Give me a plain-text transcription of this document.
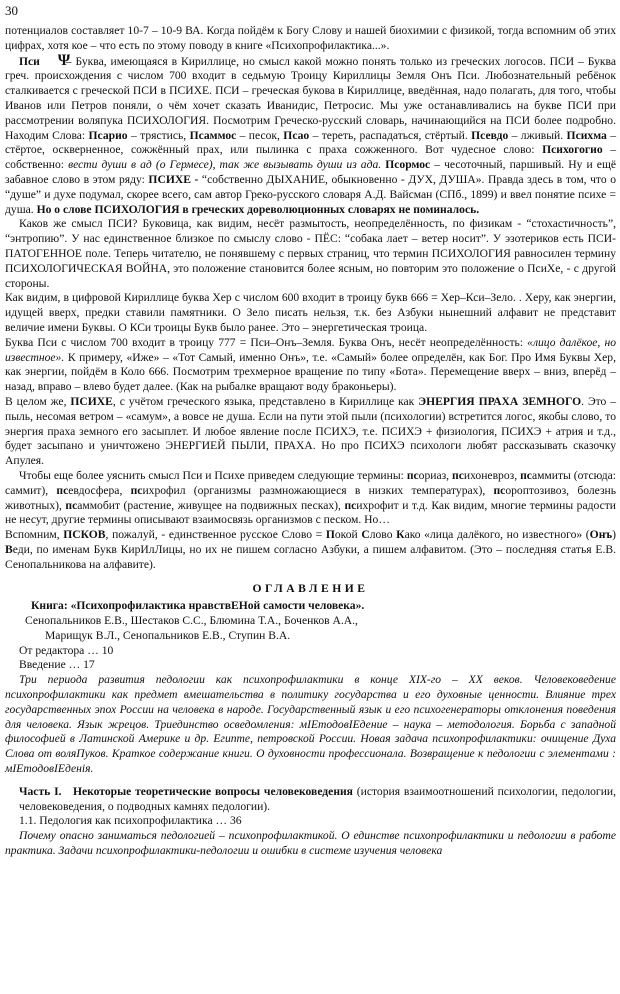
30

потенциалов составляет 10-7 – 10-9 ВА. Когда пойдём к Богу Слову и нашей биохимии с физикой, тогда вспомним об этих цифрах, хотя кое – что есть по этому поводу в книге «Психопрофилактика...».

Пси Ψ– Буква, имеющаяся в Кириллице, но смысл какой можно понять только из греческих логосов. ПСИ – Буква греч. происхождения с числом 700 входит в седьмую Троицу Кириллицы Земля Онъ Пси. Любознательный ребёнок сталкивается с греческой ПСИ в ПСИХЕ. ПСИ – греческая букова в Кириллице, введённая, надо полагать, для того, чтобы Иванов или Петров поняли, о чём хочет сказать Иванидис, Петросис. Мы уже останавливались на букве ПСИ при рассмотрении воляпука ПСИХОЛОГИЯ. Посмотрим Греческо-русский словарь, начинающийся на ПСИ более подробно. Находим Слова: Псарио – трястись, Псаммос – песок, Псао – тереть, распадаться, стёртый. Псевдо – лживый. Психма – стёртое, оскверненное, сожжённый прах, или пылинка с праха сожженного. Вот чудесное слово: Психогогио – собственно: вести души в ад (о Гермесе), так же вызывать души из ада. Псормос – чесоточный, паршивый. Ну и ещё забавное слово в этом ряду: ПСИХЕ - “собственно ДЫХАНИЕ, обыкновенно - ДУХ, ДУША». Правда здесь в том, что о “душе” и духе подумал, скорее всего, сам автор Греко-русского словаря А.Д. Вайсман (СПб., 1899) и ввел понятие психе = душа. Но о слове ПСИХОЛОГИЯ в греческих дореволюционных словарях не поминалось.

Каков же смысл ПСИ? Буковица, как видим, несёт размытость, неопределённость, по физикам - “стохастичность”, “энтропию”. У нас единственное близкое по смыслу слово - ПЁС: “собака лает – ветер носит”. У эзотериков есть ПСИ-ПАТОГЕННОЕ поле. Теперь читателю, не понявшему с первых страниц, что термин ПСИХОЛОГИЯ равносилен термину ПСИХОЛОГИЧЕСКАЯ ВОЙНА, это положение становится более ясным, но повторим это положение о ПсиХе, - с другой стороны.

Как видим, в цифровой Кириллице буква Хер с числом 600 входит в троицу букв 666 = Хер–Кси–Зело. . Херу, как энергии, идущей вверх, предки ставили памятники. О Зело писать нельзя, т.к. без Азбуки нынешний алфавит не представит величие имени Буквы. О КСи троицы Букв было ранее. Это – энергетическая троица.

Буква Пси с числом 700 входит в троицу 777 = Пси–Онъ–Земля. Буква Онъ, несёт неопределённость: «лицо далёкое, но известное». К примеру, «Иже» – «Тот Самый, именно Онъ», т.е. «Самый» более определён, как Бог. Про Имя Буквы Хер, как энергии, пойдём в Коло 666. Посмотрим трехмерное вращение по типу «Бота». Перемещение вверх – вниз, вперёд – назад, вправо – влево будет далее. (Как на рыбалке вращают воду браконьеры).

В целом же, ПСИХЕ, с учётом греческого языка, представлено в Кириллице как ЭНЕРГИЯ ПРАХА ЗЕМНОГО. Это – пыль, несомая ветром – «самум», а вовсе не душа. Если на пути этой пыли (психологии) встретится логос, якобы слово, то энергия праха земного его засыплет. И любое явление после ПСИХЭ, т.е. ПСИХЭ + физиология, ПСИХЭ + атрия и т.д., будет засыпано и уничтожено ЭНЕРГИЕЙ ПЫЛИ, ПРАХА. Но про ПСИХЭ психологи любят рассказывать сказочку Апулея.

Чтобы еще более уяснить смысл Пси и Психе приведем следующие термины: псориаз, психоневроз, псаммиты (отсюда: саммит), псевдосфера, психрофил (организмы размножающиеся в низких температурах), псороптозивоз, болезнь животных), псаммобит (растение, живущее на подвижных песках), психрофит и т.д. Как видим, многие термины радости не несут, другие термины описывают взаимосвязь организмов с песком. Но…

Вспомним, ПСКОВ, пожалуй, - единственное русское Слово = Покой Слово Како «лица далёкого, но известного» (Онъ) Веди, по именам Букв КирИлЛицы, но их не пишем согласно Азбуки, а пишем алфавитом. (Это – последняя статья Е.В. Сенопальникова на алфавите).

ОГЛАВЛЕНИЕ
Книга: «Психопрофилактика нравствЕНой самости человека».
Сенопальников Е.В., Шестаков С.С., Блюмина Т.А., Боченков А.А.,
Марищук В.Л., Сенопальников Е.В., Ступин В.А.
От редактора … 10
Введение … 17

Три периода развития педологии как психопрофилактики в конце XIX-го – XX веков. Человековедение психопрофилактики как предмет вмешательства в политику государства и его духовные ценности. Влияние трех государственных эпох России на человека в народе. Государственный язык и его психогенераторы отклонения поведения для человека. Язык жрецов. Триединство осведомления: мIЕтодовIЕдение – наука – методология. Борьба с западной философией в Латинской Америке и др. Египте, петровской России. Новая задача психопрофилактики: очищение Духа Слова от воляПуков. Краткое содержание книги. О духовности профессионала. Возвращение к педологии с элементами : мIЕтодовIЕденія.

Часть I. Некоторые теоретические вопросы человековедения (история взаимоотношений психологии, педологии, человековедения, о подводных камнях педологии).

1.1. Педология как психопрофилактика … 36

Почему опасно заниматься педологией – психопрофилактикой. О единстве психопрофилактики и педологии в работе практика. Задачи психопрофилактики-педологии и ошибки в системе изучения человека
